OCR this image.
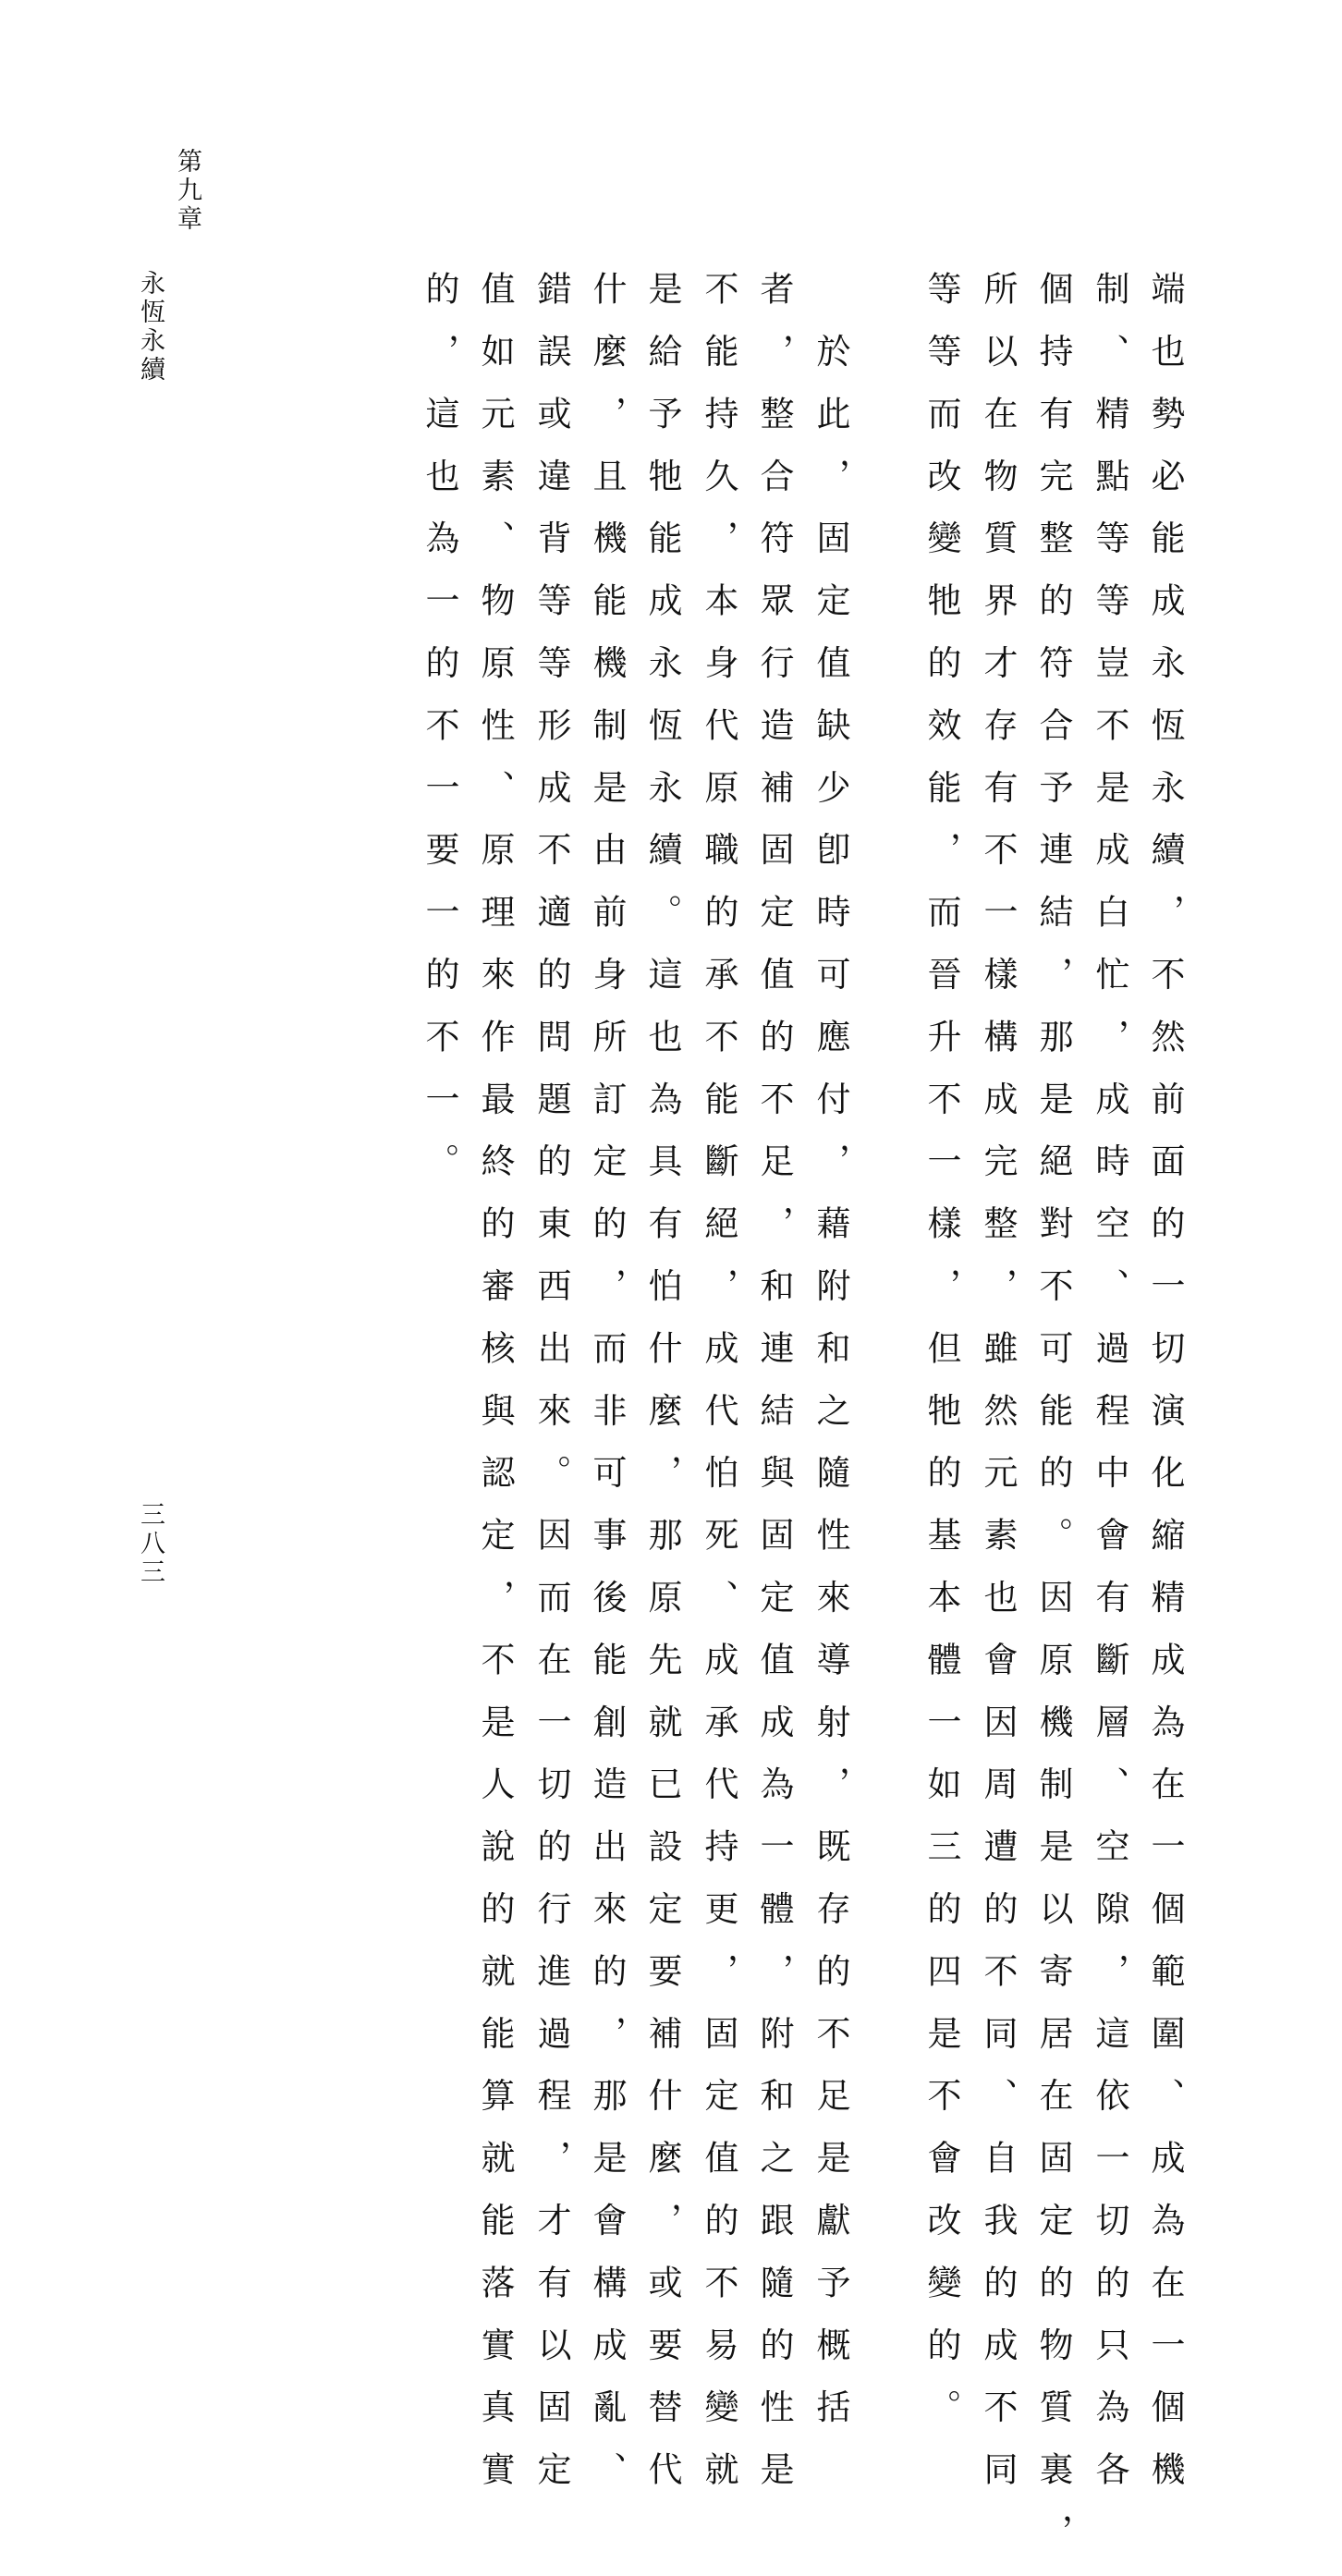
第九章
永恆永續
三八三	端也勢必能成永恆永續，不然前面的一切演化縮精成為在一個範圍、成為在一個機
制、精點等等豈不是成白忙，成時空、過程中會有斷層、空隙，這依一切的只為各
個持有完整的符合予連結，那是絕對不可能的。因原機制是以寄居在固定的物質裏，
所以在物質界才存有不一樣構成完整，雖然元素也會因周遭的不同、自我的成不同
等等而改變牠的效能，而晉升不一樣，但牠的基本體一如三的四是不會改變的。
　於此，固定值缺少卽時可應付，藉附和之隨性來導射，既存的不足是獻予概括
者，整合符眾行造補固定值的不足，和連結與固定值成為一體，附和之跟隨的性是
不能持久，本身代原職的承不能斷絕，成代怕死、成承代持更，固定值的不易變就
是給予牠能成永恆永續。這也為具有怕什麼，那原先就已設定要補什麼，或要替代
什麼，且機能機制是由前身所訂定的，而非可事後能創造出來的，那是會構成亂、
錯誤或違背等等形成不適的問題的東西出來。因而在一切的行進過程，才有以固定
值如元素、物原性、原理來作最終的審核與認定，不是人說的就能算就能落實真實
的，這也為一的不一要一的不一。
